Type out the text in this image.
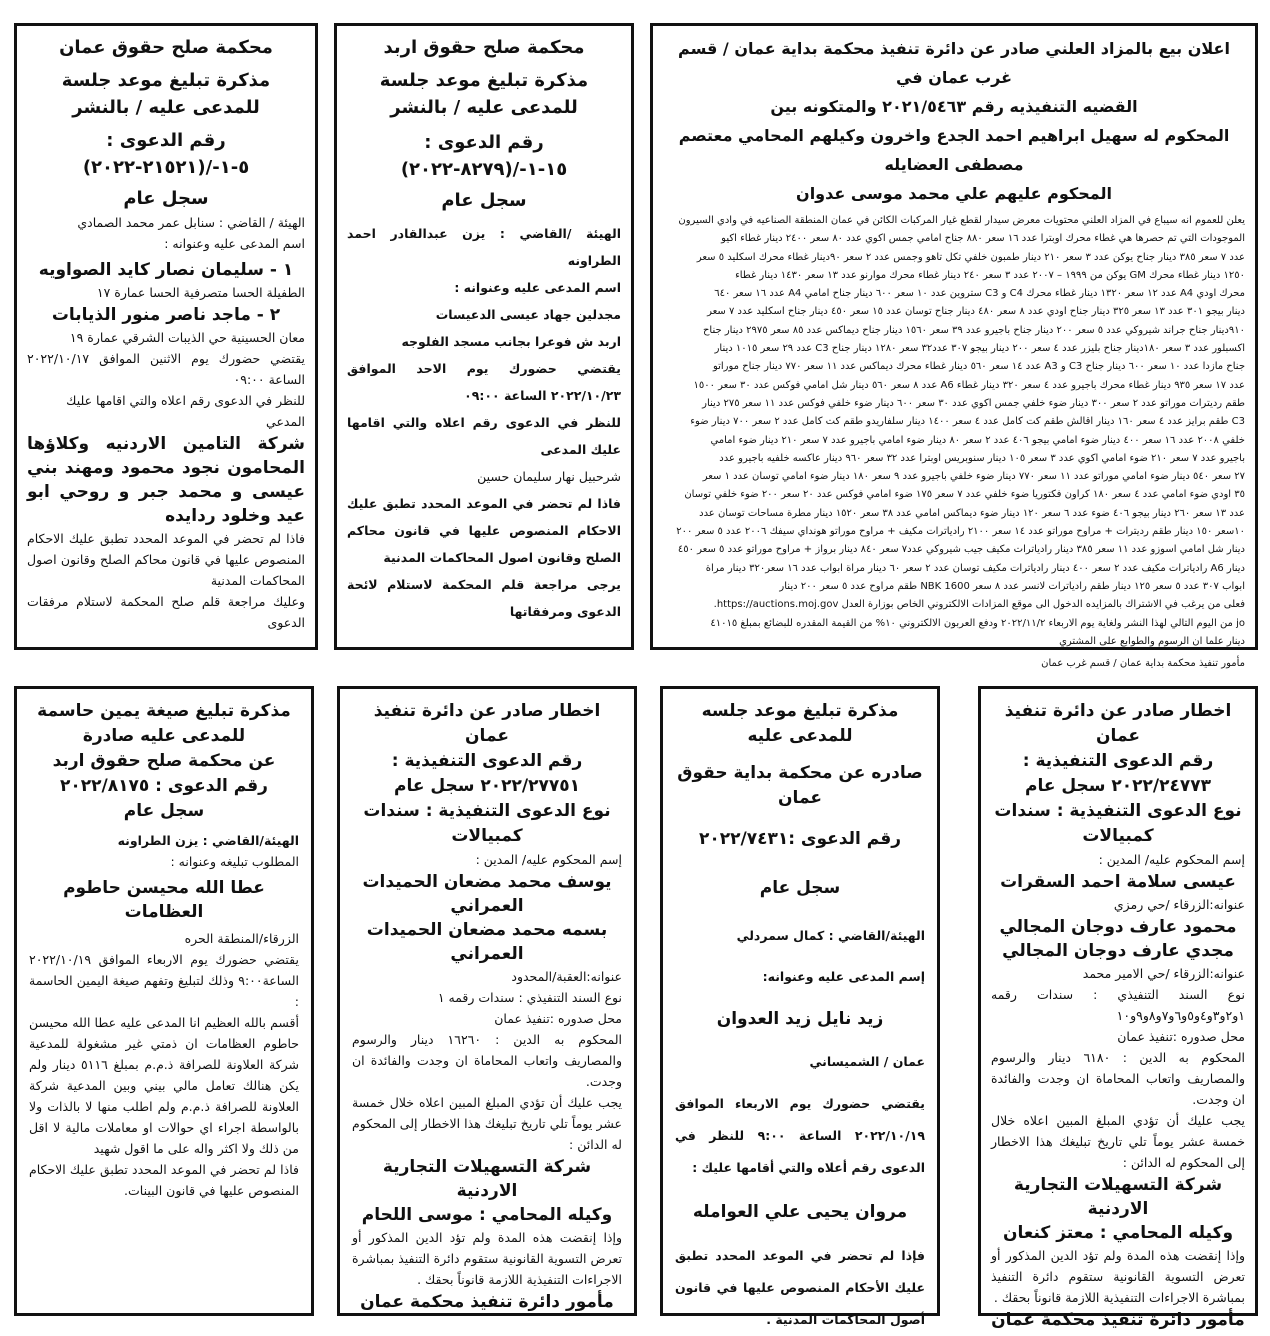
اعلان بيع بالمزاد العلني صادر عن دائرة تنفيذ محكمة بداية عمان / قسم غرب عمان في

القضيه التنفيذيه رقم ٢٠٢١/٥٤٦٣ والمتكونه بين

المحكوم له سهيل ابراهيم احمد الجدع واخرون وكيلهم المحامي معتصم مصطفى العضايله

المحكوم عليهم علي محمد موسى عدوان

يعلن للعموم انه سيباع في المزاد العلني محتويات معرض سيدار لقطع غيار المركبات الكائن في عمان المنطقة الصناعيه في وادي السيرون

الموجودات التي تم حصرها هي غطاء محرك اوبترا عدد ١٦ سعر ٨٨٠ جناح امامي جمس اكوي عدد ٨٠ سعر ٢٤٠٠ دينار غطاء اكيو

عدد ٧ سعر ٣٨٥ دينار جناح يوكن عدد ٣ سعر ٢١٠ دينار طمبون خلفي تكل تاهو وجمس عدد ٢ سعر ٩٠دينار غطاء محرك اسكليد ٥ سعر

١٢٥٠ دينار غطاء محرك GM يوكن من ١٩٩٩ – ٢٠٠٧ عدد ٣ سعر ٢٤٠ دينار غطاء محرك موارنو عدد ١٣ سعر ١٤٣٠ دينار غطاء

محرك اودي A4 عدد ١٢ سعر ١٣٢٠ دينار غطاء محرك C4 و C3 ستروين عدد ١٠ سعر ٦٠٠ دينار جناح امامي A4 عدد ١٦ سعر ٦٤٠

دينار بيجو ٣٠١ عدد ١٣ سعر ٣٢٥ دينار جناح اودي عدد ٨ سعر ٤٨٠ دينار جناح توسان عدد ١٥ سعر ٤٥٠ دينار جناح اسكليد عدد ٧ سعر

٩١٠دينار جناح جراند شيروكي عدد ٥ سعر ٢٠٠ دينار جناح باجيرو عدد ٣٩ سعر ١٥٦٠ دينار جناح ديماكس عدد ٨٥ سعر ٢٩٧٥ دينار جناح

اكسبلور عدد ٣ سعر ١٨٠دينار جناح بليزر عدد ٤ سعر ٢٠٠ دينار بيجو ٣٠٧ عدد٣٢ سعر ١٢٨٠ دينار جناح C3 عدد ٢٩ سعر ١٠١٥ دينار

جناح مازدا عدد ١٠ سعر ٦٠٠ دينار جناح C3 و A3 عدد ١٤ سعر ٥٦٠ دينار غطاء محرك ديماكس عدد ١١ سعر ٧٧٠ دينار جناح موراتو

عدد ١٧ سعر ٩٣٥ دينار غطاء محرك باجيرو عدد ٤ سعر ٣٢٠ دينار غطاء A6 عدد ٨ سعر ٥٦٠ دينار شل امامي فوكس عدد ٣٠ سعر ١٥٠٠

طقم رديترات موراتو عدد ٢ سعر ٣٠٠ دينار ضوء خلفي جمس اكوي عدد ٣٠ سعر ٦٠٠ دينار ضوء خلفي فوكس عدد ١١ سعر ٢٧٥ دينار

C3 طقم برايز عدد ٤ سعر ١٦٠ دينار اقالش طقم كت كامل عدد ٤ سعر ١٤٠٠ دينار سلفاريدو طقم كت كامل عدد ٢ سعر ٧٠٠ دينار ضوء

خلفي ٢٠٠٨ عدد ١٦ سعر ٤٠٠ دينار ضوء امامي بيجو ٤٠٦ عدد ٢ سعر ٨٠ دينار ضوء امامي باجيرو عدد ٧ سعر ٢١٠ دينار ضوء امامي

باجيرو عدد ٧ سعر ٢١٠ ضوء امامي اكوي عدد ٣ سعر ١٠٥ دينار سنوبريس اوبترا عدد ٣٢ سعر ٩٦٠ دينار عاكسه خلفيه باجيرو عدد

٢٧ سعر ٥٤٠ دينار ضوء امامي موراتو عدد ١١ سعر ٧٧٠ دينار ضوء خلفي باجيرو عدد ٩ سعر ١٨٠ دينار ضوء امامي توسان عدد ١ سعر

٣٥ اودي ضوء امامي عدد ٤ سعر ١٨٠ كراون فكتوريا ضوء خلفي عدد ٧ سعر ١٧٥ ضوء امامي فوكس عدد ٢٠ سعر ٢٠٠ ضوء خلفي توسان

عدد ١٣ سعر ٢٦٠ دينار بيجو ٤٠٦ ضوء عدد ٦ سعر ١٢٠ دينار ضوء ديماكس امامي عدد ٣٨ سعر ١٥٢٠ دينار مطرة مساحات توسان عدد

١٠سعر ١٥٠ دينار طقم رديترات + مراوح موراتو عدد ١٤ سعر ٢١٠٠ رادياترات مكيف + مراوح موراتو هونداي سيفك ٢٠٠٦ عدد ٥ سعر ٢٠٠

دينار شل امامي اسوزو عدد ١١ سعر ٣٨٥ دينار رادياترات مكيف جيب شيروكي عدد٧ سعر ٨٤٠ دينار برواز + مراوح موراتو عدد ٥ سعر ٤٥٠

دينار A6 رادياترات مكيف عدد ٢ سعر ٤٠٠ دينار رادياترات مكيف توسان عدد ٢ سعر ٦٠ دينار مراة ابواب عدد ١٦ سعر٣٢٠ دينار مراة

ابواب ٣٠٧ عدد ٥ سعر ١٢٥ دينار طقم رادياترات لانسر عدد ٨ سعر NBK 1600 طقم مراوح عدد ٥ سعر ٢٠٠ دينار

فعلى من يرغب في الاشتراك بالمزايده الدخول الى موقع المزادات الالكتروني الخاص بوزارة العدل https://auctions.moj.gov.

jo من اليوم التالي لهذا النشر ولغاية يوم الاربعاء ٢٠٢٢/١١/٢ ودفع العربون الالكتروني ١٠% من القيمة المقدره للبضائع بمبلغ ٤١٠١٥

دينار علما ان الرسوم والطوابع على المشتري

مأمور تنفيذ محكمة بداية عمان / قسم غرب عمان

محكمة صلح حقوق اربد

مذكرة تبليغ موعد جلسة للمدعى عليه / بالنشر

رقم الدعوى : ١٥-١-/(٨٢٧٩-٢٠٢٢)

سجل عام

الهيئة /القاضي : يزن عبدالقادر احمد الطراونه

اسم المدعى عليه وعنوانه :

مجدلين جهاد عيسى الدعيسات

اربد ش فوعرا بجانب مسجد الفلوجه

يقتضي حضورك يوم الاحد الموافق ٢٠٢٢/١٠/٢٣ الساعة ٠٩:٠٠

للنظر في الدعوى رقم اعلاه والتي اقامها عليك المدعى

شرحبيل نهار سليمان حسين

فاذا لم تحضر في الموعد المحدد تطبق عليك الاحكام المنصوص عليها في قانون محاكم الصلح وقانون اصول المحاكمات المدنية

يرجى مراجعة قلم المحكمة لاستلام لائحة الدعوى ومرفقاتها

محكمة صلح حقوق عمان

مذكرة تبليغ موعد جلسة للمدعى عليه / بالنشر

رقم الدعوى : ٥-١-/(٢١٥٢١-٢٠٢٢)

سجل عام

الهيئة / القاضي : سنابل عمر محمد الصمادي

اسم المدعى عليه وعنوانه :

١ - سليمان نصار كايد الصواويه

الطفيلة الحسا متصرفية الحسا عمارة ١٧

٢ - ماجد ناصر منور الذيابات

معان الحسينية حي الذيبات الشرقي عمارة ١٩

يقتضي حضورك يوم الاثنين الموافق ٢٠٢٢/١٠/١٧ الساعة ٠٩:٠٠

للنظر في الدعوى رقم اعلاه والتي اقامها عليك المدعي

شركة التامين الاردنيه وكلاؤها المحامون نجود محمود ومهند بني عيسى و محمد جبر و روحي ابو عيد وخلود ردايده

فاذا لم تحضر في الموعد المحدد تطبق عليك الاحكام المنصوص عليها في قانون محاكم الصلح وقانون اصول المحاكمات المدنية

وعليك مراجعة قلم صلح المحكمة لاستلام مرفقات الدعوى

اخطار صادر عن دائرة تنفيذ عمان

رقم الدعوى التنفيذية :

٢٠٢٢/٢٤٧٧٣ سجل عام

نوع الدعوى التنفيذية : سندات كمبيالات

إسم المحكوم عليه/ المدين :

عيسى سلامة احمد السقرات

عنوانه:الزرقاء /حي رمزي

محمود عارف دوجان المجالي

مجدي عارف دوجان المجالي

عنوانه:الزرقاء /حي الامير محمد

نوع السند التنفيذي : سندات رقمه ١و٢و٣و٤و٥و٦و٧و٨و٩و١٠

محل صدوره :تنفيذ عمان

المحكوم به الدين : ٦١٨٠ دينار والرسوم والمصاريف واتعاب المحاماة ان وجدت والفائدة ان وجدت.

يجب عليك أن تؤدي المبلغ المبين اعلاه خلال خمسة عشر يوماً تلي تاريخ تبليغك هذا الاخطار إلى المحكوم له الدائن :

شركة التسهيلات التجارية الاردنية

وكيله المحامي : معتز كنعان

وإذا إنقضت هذه المدة ولم تؤد الدين المذكور أو تعرض التسوية القانونية ستقوم دائرة التنفيذ بمباشرة الاجراءات التنفيذية اللازمة قانوناً بحقك .

مأمور دائرة تنفيذ محكمة عمان

مذكرة تبليغ موعد جلسه للمدعى عليه

صادره عن محكمة بداية حقوق عمان

رقم الدعوى :٢٠٢٢/٧٤٣١

سجل عام

الهيئة/القاضي : كمال سمردلي

إسم المدعى عليه وعنوانه:

زيد نايل زيد العدوان

عمان / الشميساني

يقتضي حضورك يوم الاربعاء الموافق ٢٠٢٢/١٠/١٩ الساعة ٩:٠٠ للنظر في الدعوى رقم أعلاه والتي أقامها عليك :

مروان يحيى علي العوامله

فإذا لم تحضر في الموعد المحدد تطبق عليك الأحكام المنصوص عليها في قانون أصول المحاكمات المدنية .

اخطار صادر عن دائرة تنفيذ عمان

رقم الدعوى التنفيذية :

٢٠٢٢/٢٧٧٥١ سجل عام

نوع الدعوى التنفيذية : سندات كمبيالات

إسم المحكوم عليه/ المدين :

يوسف محمد مضعان الحميدات العمراني

بسمه محمد مضعان الحميدات العمراني

عنوانه:العقبة/المحدود

نوع السند التنفيذي : سندات رقمه ١

محل صدوره :تنفيذ عمان

المحكوم به الدين : ١٦٢٦٠ دينار والرسوم والمصاريف واتعاب المحاماة ان وجدت والفائدة ان وجدت.

يجب عليك أن تؤدي المبلغ المبين اعلاه خلال خمسة عشر يوماً تلي تاريخ تبليغك هذا الاخطار إلى المحكوم له الدائن :

شركة التسهيلات التجارية الاردنية

وكيله المحامي : موسى اللحام

وإذا إنقضت هذه المدة ولم تؤد الدين المذكور أو تعرض التسوية القانونية ستقوم دائرة التنفيذ بمباشرة الاجراءات التنفيذية اللازمة قانوناً بحقك .

مأمور دائرة تنفيذ محكمة عمان

مذكرة تبليغ صيغة يمين حاسمة للمدعى عليه صادرة

عن محكمة صلح حقوق اربد

رقم الدعوى : ٢٠٢٢/٨١٧٥

سجل عام

الهيئة/القاضي : يزن الطراونه

المطلوب تبليغه وعنوانه :

عطا الله محيسن حاطوم العظامات

الزرقاء/المنطقة الحره

يقتضي حضورك يوم الاربعاء الموافق ٢٠٢٢/١٠/١٩ الساعة٩:٠٠ وذلك لتبليغ وتفهم صيغة اليمين الحاسمة :

أقسم بالله العظيم انا المدعى عليه عطا الله محيسن حاطوم العظامات ان ذمتي غير مشغولة للمدعية شركة العلاونة للصرافة ذ.م.م بمبلغ ٥١١٦ دينار ولم يكن هنالك تعامل مالي بيني وبين المدعية شركة العلاونة للصرافة ذ.م.م ولم اطلب منها لا بالذات ولا بالواسطة اجراء اي حوالات او معاملات مالية لا اقل من ذلك ولا اكثر واله على ما اقول شهيد

فاذا لم تحضر في الموعد المحدد تطبق عليك الاحكام المنصوص عليها في قانون البينات.
